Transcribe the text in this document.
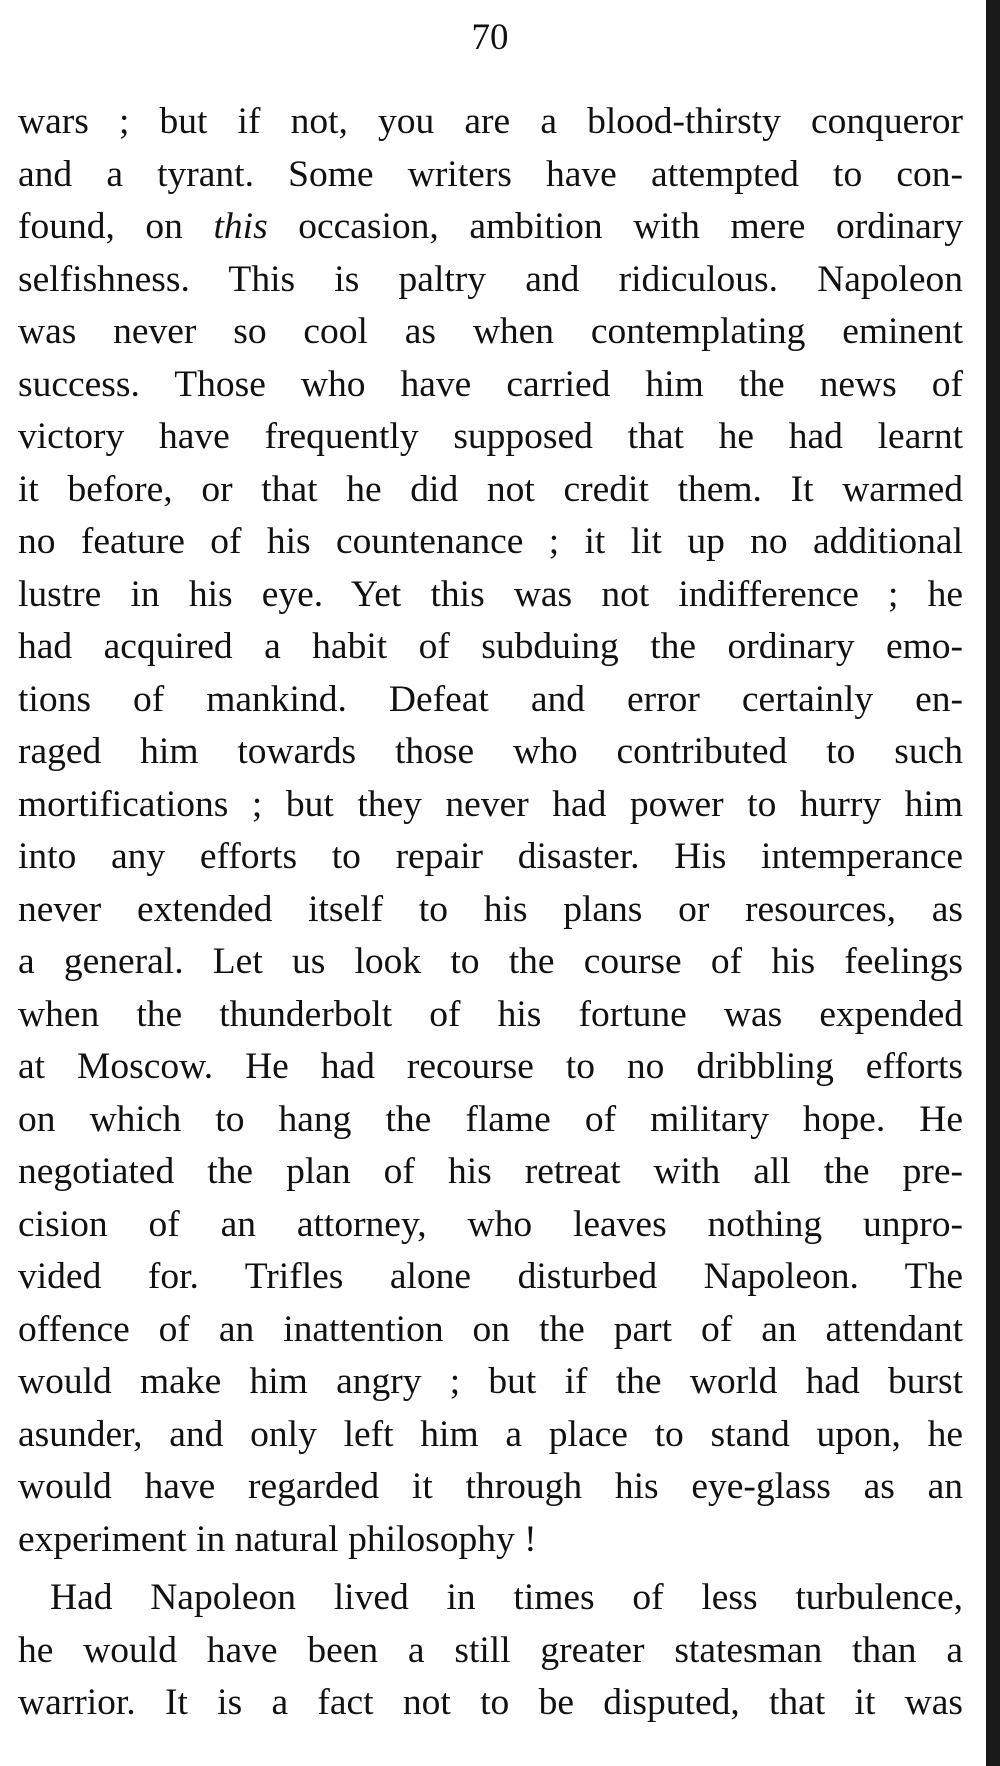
70
wars ; but if not, you are a blood-thirsty conqueror
and a tyrant. Some writers have attempted to con-
found, on this occasion, ambition with mere ordinary
selfishness. This is paltry and ridiculous. Napoleon
was never so cool as when contemplating eminent
success. Those who have carried him the news of
victory have frequently supposed that he had learnt
it before, or that he did not credit them. It warmed
no feature of his countenance ; it lit up no additional
lustre in his eye. Yet this was not indifference ; he
had acquired a habit of subduing the ordinary emo-
tions of mankind. Defeat and error certainly en-
raged him towards those who contributed to such
mortifications ; but they never had power to hurry him
into any efforts to repair disaster. His intemperance
never extended itself to his plans or resources, as
a general. Let us look to the course of his feelings
when the thunderbolt of his fortune was expended
at Moscow. He had recourse to no dribbling efforts
on which to hang the flame of military hope. He
negotiated the plan of his retreat with all the pre-
cision of an attorney, who leaves nothing unpro-
vided for. Trifles alone disturbed Napoleon. The
offence of an inattention on the part of an attendant
would make him angry ; but if the world had burst
asunder, and only left him a place to stand upon, he
would have regarded it through his eye-glass as an
experiment in natural philosophy !
Had Napoleon lived in times of less turbulence,
he would have been a still greater statesman than a
warrior. It is a fact not to be disputed, that it was
